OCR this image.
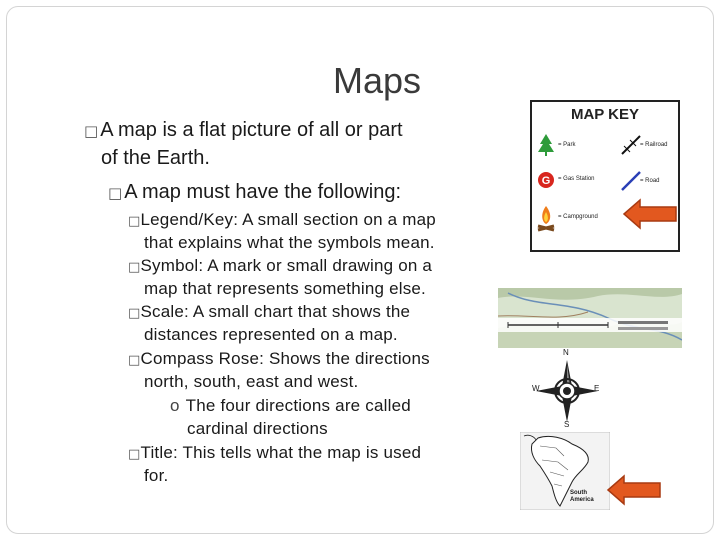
Maps
□ A map is a flat picture of all or part
of the Earth.
□ A map must have the following:
□Legend/Key: A small section on a map
that explains what the symbols mean.
□Symbol: A mark or small drawing on a
map that represents something else.
□Scale: A small chart that shows the
distances represented on a map.
□Compass Rose: Shows the directions
north, south, east and west.
o The four directions are called
cardinal directions
□Title: This tells what the map is used
for.
MAP KEY
G
= Park	= Railroad
= Gas Station	= Road
= Campground
N
S
E
W
South
America
